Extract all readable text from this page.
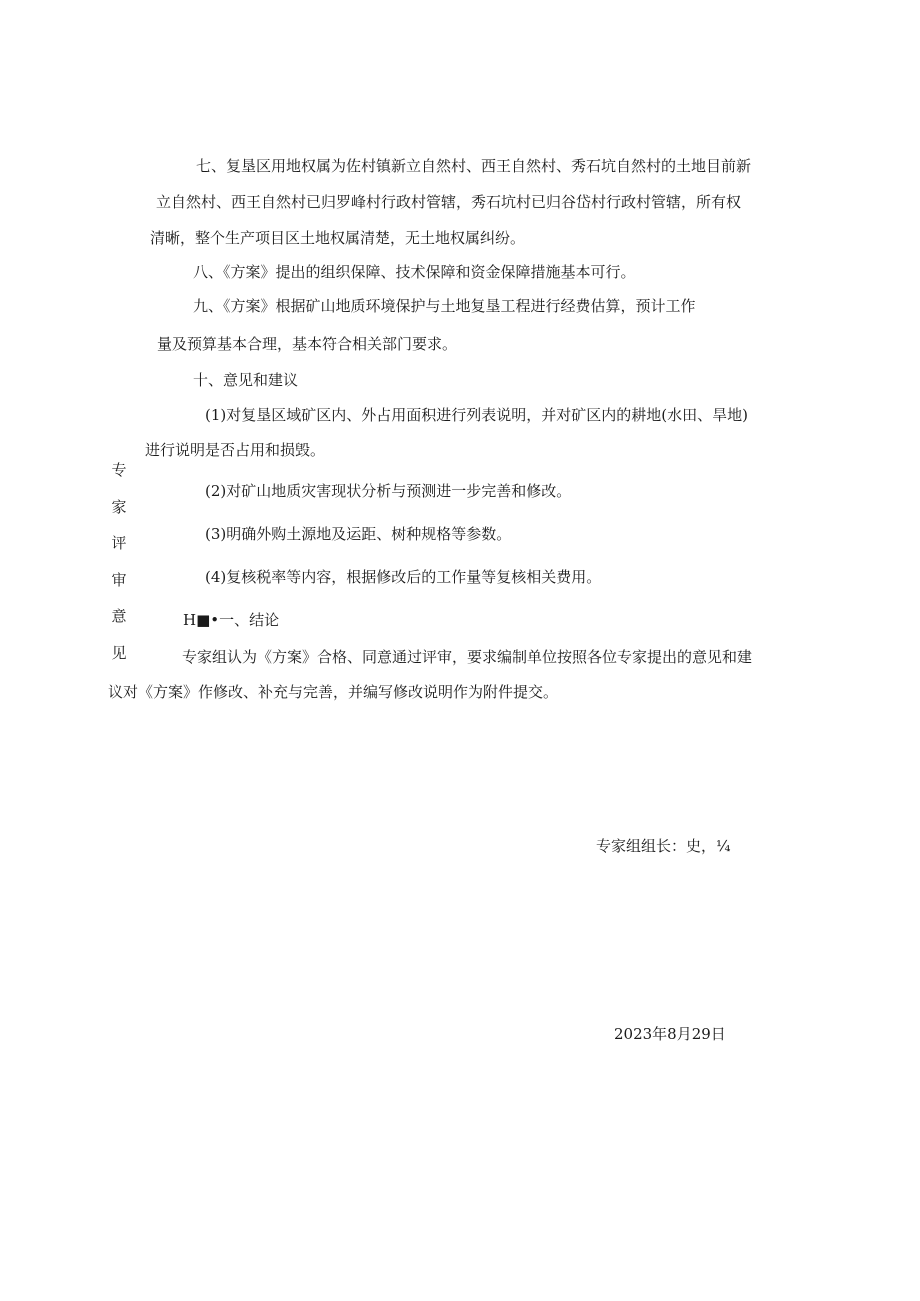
专
家
评
审
意
见
七、复垦区用地权属为佐村镇新立自然村、西王自然村、秀石坑自然村的土地目前新
立自然村、西王自然村已归罗峰村行政村管辖，秀石坑村已归谷岱村行政村管辖，所有权
清晰，整个生产项目区土地权属清楚，无土地权属纠纷。
八、《方案》提出的组织保障、技术保障和资金保障措施基本可行。
九、《方案》根据矿山地质环境保护与土地复垦工程进行经费估算，预计工作
量及预算基本合理，基本符合相关部门要求。
十、意见和建议
(1)对复垦区域矿区内、外占用面积进行列表说明，并对矿区内的耕地(水田、旱地)
进行说明是否占用和损毁。
(2)对矿山地质灾害现状分析与预测进一步完善和修改。
(3)明确外购土源地及运距、树种规格等参数。
(4)复核税率等内容，根据修改后的工作量等复核相关费用。
H■•一、结论
专家组认为《方案》合格、同意通过评审，要求编制单位按照各位专家提出的意见和建
议对《方案》作修改、补充与完善，并编写修改说明作为附件提交。
专家组组长：史，¼
2023年8月29日
